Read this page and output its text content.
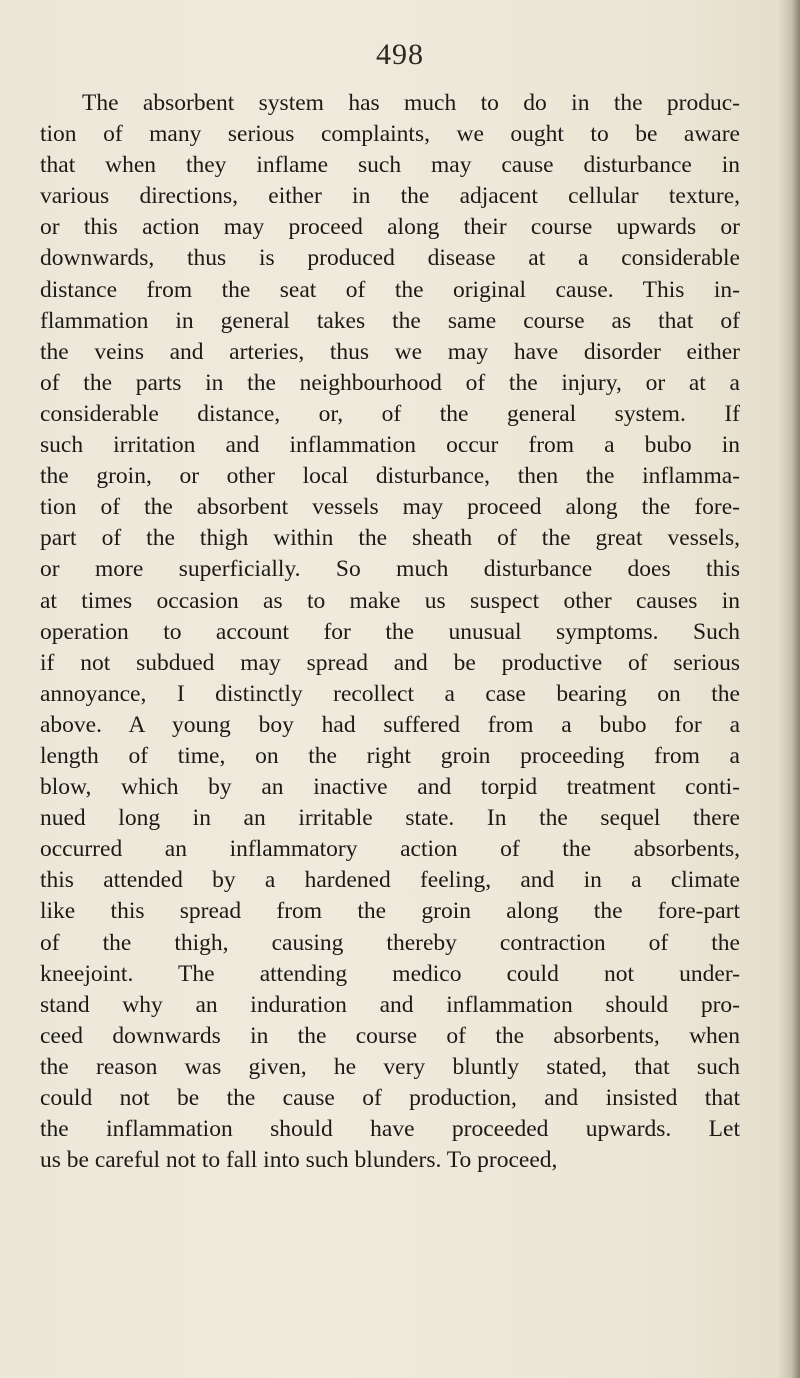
498
The absorbent system has much to do in the produc-
tion of many serious complaints, we ought to be aware
that when they inflame such may cause disturbance in
various directions, either in the adjacent cellular texture,
or this action may proceed along their course upwards or
downwards, thus is produced disease at a considerable
distance from the seat of the original cause. This in-
flammation in general takes the same course as that of
the veins and arteries, thus we may have disorder either
of the parts in the neighbourhood of the injury, or at a
considerable distance, or, of the general system. If
such irritation and inflammation occur from a bubo in
the groin, or other local disturbance, then the inflamma-
tion of the absorbent vessels may proceed along the fore-
part of the thigh within the sheath of the great vessels,
or more superficially. So much disturbance does this
at times occasion as to make us suspect other causes in
operation to account for the unusual symptoms. Such
if not subdued may spread and be productive of serious
annoyance, I distinctly recollect a case bearing on the
above. A young boy had suffered from a bubo for a
length of time, on the right groin proceeding from a
blow, which by an inactive and torpid treatment conti-
nued long in an irritable state. In the sequel there
occurred an inflammatory action of the absorbents,
this attended by a hardened feeling, and in a climate
like this spread from the groin along the fore-part
of the thigh, causing thereby contraction of the
kneejoint. The attending medico could not under-
stand why an induration and inflammation should pro-
ceed downwards in the course of the absorbents, when
the reason was given, he very bluntly stated, that such
could not be the cause of production, and insisted that
the inflammation should have proceeded upwards. Let
us be careful not to fall into such blunders. To proceed,
